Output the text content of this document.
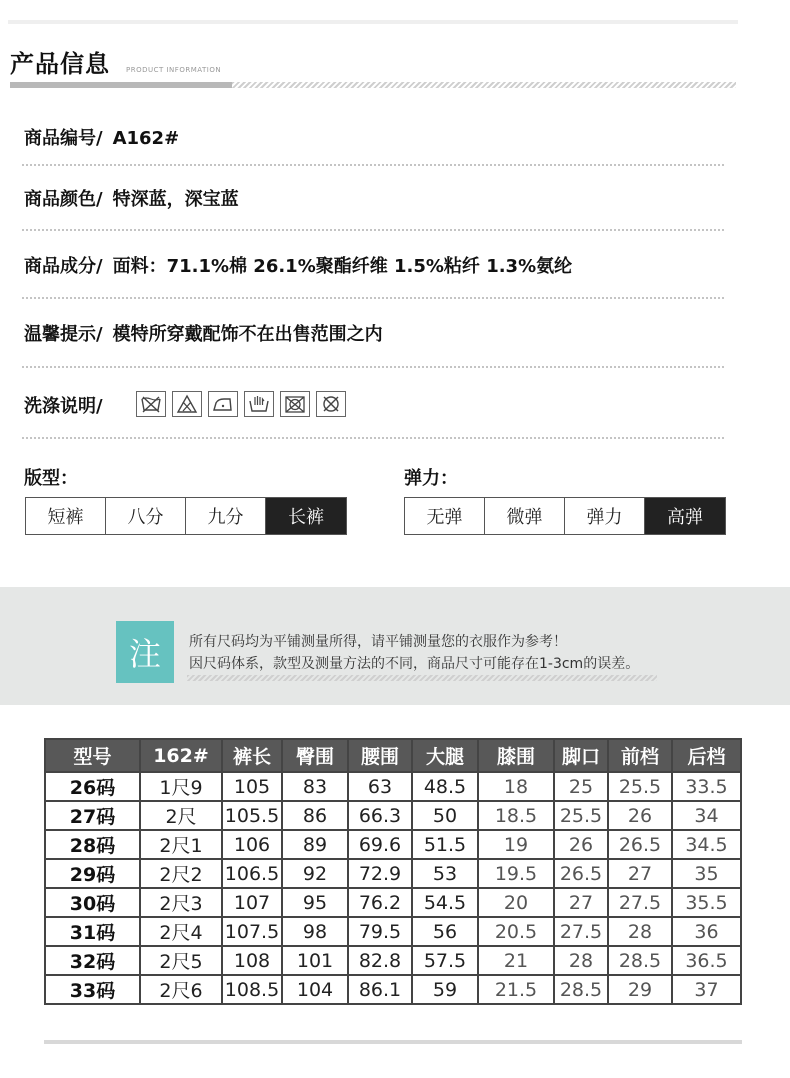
产品信息 PRODUCT INFORMATION
商品编号/ A162#
商品颜色/ 特深蓝，深宝蓝
商品成分/ 面料：71.1%棉 26.1%聚酯纤维 1.5%粘纤 1.3%氨纶
温馨提示/ 模特所穿戴配饰不在出售范围之内
洗涤说明/
版型：
短裤	八分	九分	长裤
弹力：
无弹	微弹	弹力	高弹
注	所有尺码均为平铺测量所得，请平铺测量您的衣服作为参考！
因尺码体系，款型及测量方法的不同，商品尺寸可能存在1-3cm的误差。
型号	162#	裤长	臀围	腰围	大腿	膝围	脚口	前档	后档
26码	1尺9	105	83	63	48.5	18	25	25.5	33.5
27码	2尺	105.5	86	66.3	50	18.5	25.5	26	34
28码	2尺1	106	89	69.6	51.5	19	26	26.5	34.5
29码	2尺2	106.5	92	72.9	53	19.5	26.5	27	35
30码	2尺3	107	95	76.2	54.5	20	27	27.5	35.5
31码	2尺4	107.5	98	79.5	56	20.5	27.5	28	36
32码	2尺5	108	101	82.8	57.5	21	28	28.5	36.5
33码	2尺6	108.5	104	86.1	59	21.5	28.5	29	37
